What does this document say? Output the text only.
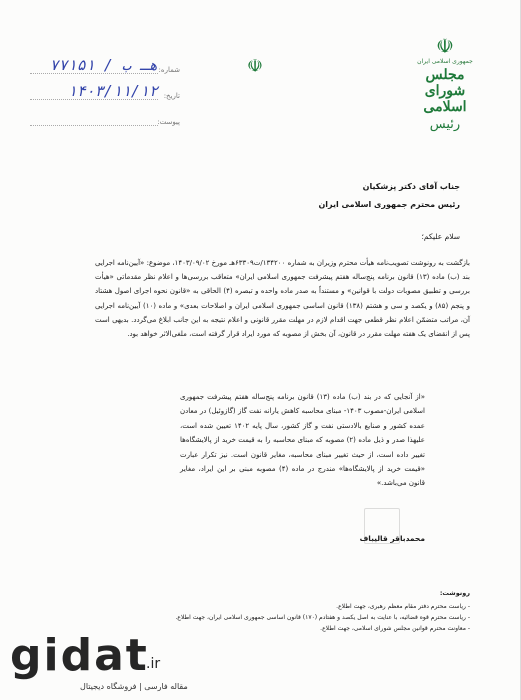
☫
جمهوری اسلامی ایران
مجلس شورای اسلامی
رئیس
☫
شماره:
۷۷۱۵۱ / هـ ب
تاریخ:
۱۴۰۳/۱۱/۱۲
پیوست:
جناب آقای دکتر پزشکیان
رئیس محترم جمهوری اسلامی ایران
سلام علیکم؛
بازگشت به رونوشت تصویب‌نامه هیأت محترم وزیران به شماره ۱۳۴۲۰۰/ت۶۳۳۰۹هـ مورخ ۱۴۰۳/۰۹/۰۲، موضوع: «آیین‌نامه اجرایی بند (ب) ماده (۱۳) قانون برنامه پنج‌ساله هفتم پیشرفت جمهوری اسلامی ایران» متعاقب بررسی‌ها و اعلام نظر مقدماتی «هیأت بررسی و تطبیق مصوبات دولت با قوانین» و مستنداً به صدر ماده واحده و تبصره (۴) الحاقی به «قانون نحوه اجرای اصول هشتاد و پنجم (۸۵) و یکصد و سی و هشتم (۱۳۸) قانون اساسی جمهوری اسلامی ایران و اصلاحات بعدی» و ماده (۱۰) آیین‌نامه اجرایی آن، مراتب متضمّن اعلام نظر قطعی جهت اقدام لازم در مهلت مقرر قانونی و اعلام نتیجه به این جانب ابلاغ می‌گردد. بدیهی است پس از انقضای یک هفته مهلت مقرر در قانون، آن بخش از مصوبه که مورد ایراد قرار گرفته است، ملغی‌الاثر خواهد بود.
«از آنجایی که در بند (ب) ماده (۱۳) قانون برنامه پنج‌ساله هفتم پیشرفت جمهوری اسلامی ایران-مصوب ۱۴۰۳- مبنای محاسبه کاهش یارانه نفت گاز (گازوئیل) در معادن عمده کشور و صنایع بالادستی نفت و گاز کشور، سال پایه ۱۴۰۲ تعیین شده است، علیهذا صدر و ذیل ماده (۲) مصوبه که مبنای محاسبه را به قیمت خرید از پالایشگاه‌ها تغییر داده است، از حیث تغییر مبنای محاسبه، مغایر قانون است. نیز تکرار عبارت «قیمت خرید از پالایشگاه‌ها» مندرج در ماده (۴) مصوبه مبنی بر این ایراد، مغایر قانون می‌باشد.»
محمدباقر قالیباف
رونوشت:
- ریاست محترم دفتر مقام معظم رهبری، جهت اطلاع.
- ریاست محترم قوه قضائیه، با عنایت به اصل یکصد و هفتادم (۱۷۰) قانون اساسی جمهوری اسلامی ایران، جهت اطلاع.
- معاونت محترم قوانین مجلس شورای اسلامی، جهت اطلاع.
gidat
.ir
مقاله فارسی | فروشگاه دیجیتال
